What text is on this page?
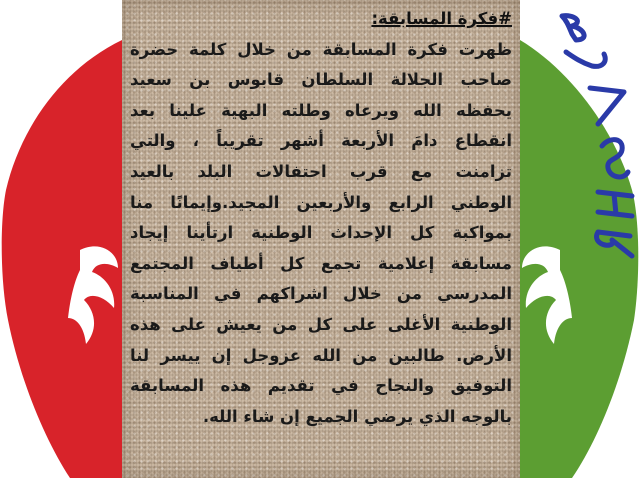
#فكرة المسابقة:
ظهرت فكرة المسابقة من خلال كلمة حضرة
صاحب الجلالة السلطان قابوس بن سعيد
يحفظه الله ويرعاه وطلته البهية علينا بعد
انقطاع دامَ الأربعة أشهر تقريباً ، والتي
تزامنت مع قرب احتفالات البلد بالعيد
الوطني الرابع والأربعين المجيد.وإيمانًا منا
بمواكبة كل الإحداث الوطنية ارتأينا إيجاد
مسابقة إعلامية تجمع كل أطياف المجتمع
المدرسي من خلال اشراكهم في المناسبة
الوطنية الأغلى على كل من يعيش على هذه
الأرض. طالبين من الله عزوجل إن ييسر لنا
التوفيق والنجاح في تقديم هذه المسابقة
بالوجه الذي يرضي الجميع إن شاء الله.
